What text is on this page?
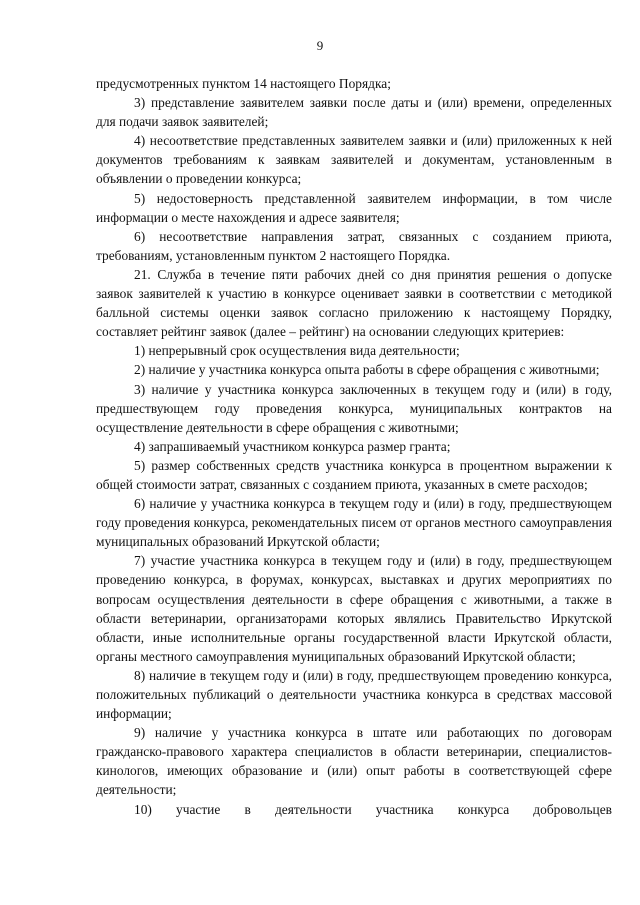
9

предусмотренных пунктом 14 настоящего Порядка;

3) представление заявителем заявки после даты и (или) времени, определенных для подачи заявок заявителей;

4) несоответствие представленных заявителем заявки и (или) приложенных к ней документов требованиям к заявкам заявителей и документам, установленным в объявлении о проведении конкурса;

5) недостоверность представленной заявителем информации, в том числе информации о месте нахождения и адресе заявителя;

6) несоответствие направления затрат, связанных с созданием приюта, требованиям, установленным пунктом 2 настоящего Порядка.

21. Служба в течение пяти рабочих дней со дня принятия решения о допуске заявок заявителей к участию в конкурсе оценивает заявки в соответствии с методикой балльной системы оценки заявок согласно приложению к настоящему Порядку, составляет рейтинг заявок (далее – рейтинг) на основании следующих критериев:

1) непрерывный срок осуществления вида деятельности;

2) наличие у участника конкурса опыта работы в сфере обращения с животными;

3) наличие у участника конкурса заключенных в текущем году и (или) в году, предшествующем году проведения конкурса, муниципальных контрактов на осуществление деятельности в сфере обращения с животными;

4) запрашиваемый участником конкурса размер гранта;

5) размер собственных средств участника конкурса в процентном выражении к общей стоимости затрат, связанных с созданием приюта, указанных в смете расходов;

6) наличие у участника конкурса в текущем году и (или) в году, предшествующем году проведения конкурса, рекомендательных писем от органов местного самоуправления муниципальных образований Иркутской области;

7) участие участника конкурса в текущем году и (или) в году, предшествующем проведению конкурса, в форумах, конкурсах, выставках и других мероприятиях по вопросам осуществления деятельности в сфере обращения с животными, а также в области ветеринарии, организаторами которых являлись Правительство Иркутской области, иные исполнительные органы государственной власти Иркутской области, органы местного самоуправления муниципальных образований Иркутской области;

8) наличие в текущем году и (или) в году, предшествующем проведению конкурса, положительных публикаций о деятельности участника конкурса в средствах массовой информации;

9) наличие у участника конкурса в штате или работающих по договорам гражданско-правового характера специалистов в области ветеринарии, специалистов-кинологов, имеющих образование и (или) опыт работы в соответствующей сфере деятельности;

10) участие в деятельности участника конкурса добровольцев
